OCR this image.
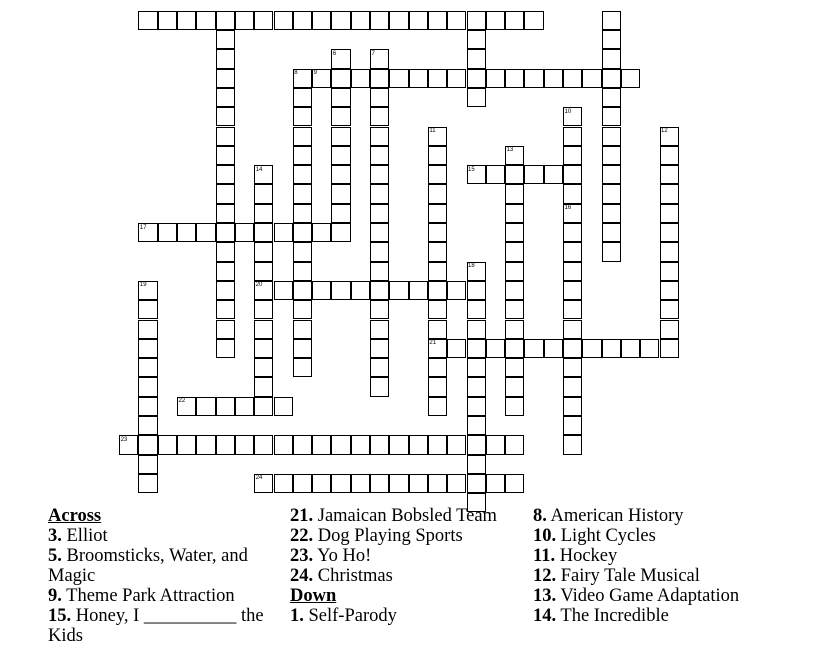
6	7
8	9
10
11	12
13
14	15
16
17
18
19	20
21
22
23
24
Across
3. Elliot
5. Broomsticks, Water, and Magic
9. Theme Park Attraction
15. Honey, I __________ the Kids
21. Jamaican Bobsled Team
22. Dog Playing Sports
23. Yo Ho!
24. Christmas
Down
1. Self-Parody
8. American History
10. Light Cycles
11. Hockey
12. Fairy Tale Musical
13. Video Game Adaptation
14. The Incredible
